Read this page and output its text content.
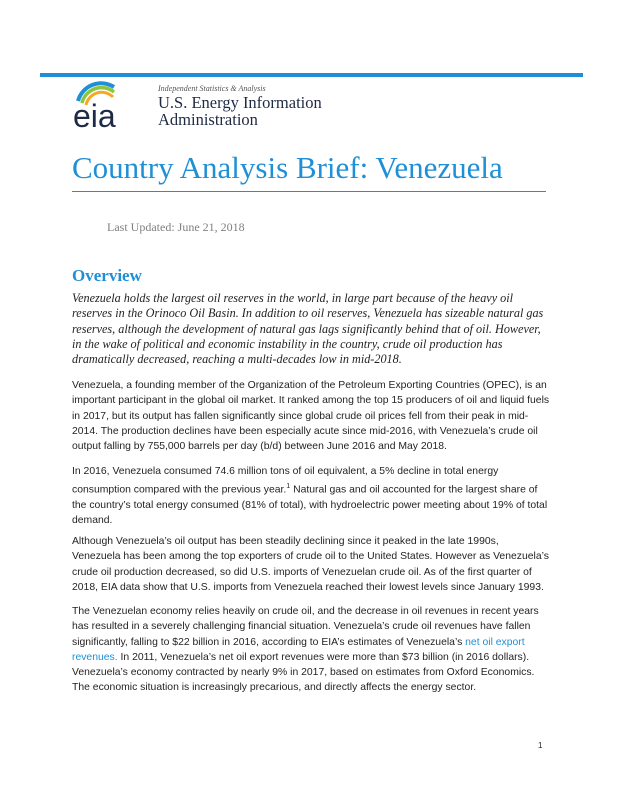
eia
Independent Statistics & Analysis
U.S. Energy Information
Administration
Country Analysis Brief: Venezuela
Last Updated: June 21, 2018
Overview

Venezuela holds the largest oil reserves in the world, in large part because of the heavy oil reserves in the Orinoco Oil Basin. In addition to oil reserves, Venezuela has sizeable natural gas reserves, although the development of natural gas lags significantly behind that of oil. However, in the wake of political and economic instability in the country, crude oil production has dramatically decreased, reaching a multi-decades low in mid-2018.

Venezuela, a founding member of the Organization of the Petroleum Exporting Countries (OPEC), is an important participant in the global oil market. It ranked among the top 15 producers of oil and liquid fuels in 2017, but its output has fallen significantly since global crude oil prices fell from their peak in mid-2014. The production declines have been especially acute since mid-2016, with Venezuela’s crude oil output falling by 755,000 barrels per day (b/d) between June 2016 and May 2018.

In 2016, Venezuela consumed 74.6 million tons of oil equivalent, a 5% decline in total energy consumption compared with the previous year.$^1$ Natural gas and oil accounted for the largest share of the country’s total energy consumed (81% of total), with hydroelectric power meeting about 19% of total demand.

Although Venezuela’s oil output has been steadily declining since it peaked in the late 1990s, Venezuela has been among the top exporters of crude oil to the United States. However as Venezuela’s crude oil production decreased, so did U.S. imports of Venezuelan crude oil. As of the first quarter of 2018, EIA data show that U.S. imports from Venezuela reached their lowest levels since January 1993.

The Venezuelan economy relies heavily on crude oil, and the decrease in oil revenues in recent years has resulted in a severely challenging financial situation. Venezuela’s crude oil revenues have fallen significantly, falling to $22 billion in 2016, according to EIA’s estimates of Venezuela’s net oil export revenues. In 2011, Venezuela’s net oil export revenues were more than $73 billion (in 2016 dollars). Venezuela’s economy contracted by nearly 9% in 2017, based on estimates from Oxford Economics. The economic situation is increasingly precarious, and directly affects the energy sector.

1
